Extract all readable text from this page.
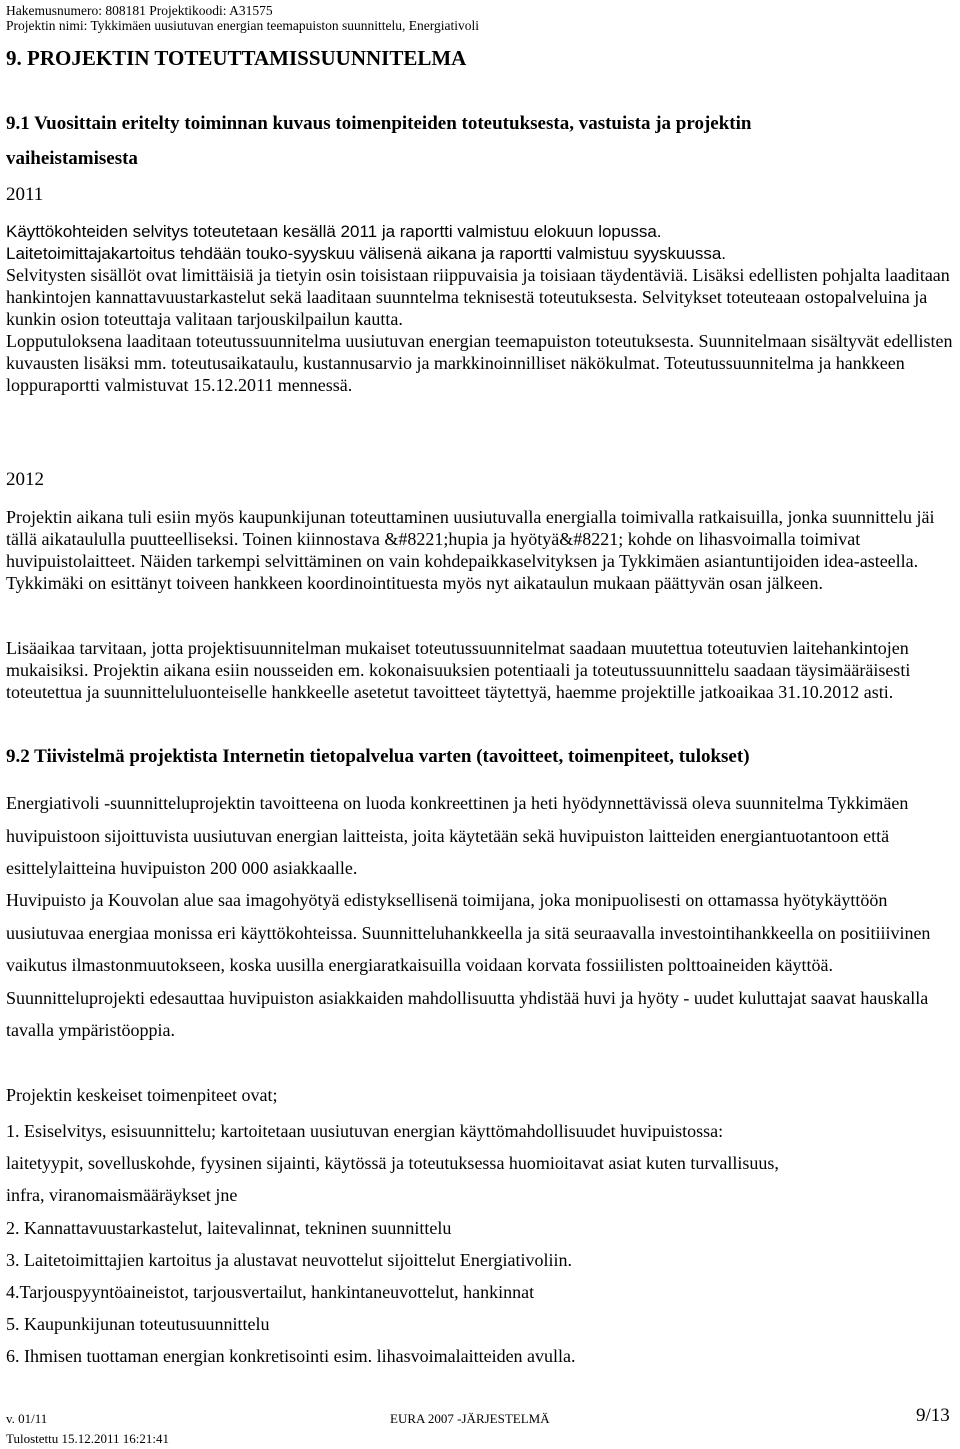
Hakemusnumero: 808181 Projektikoodi: A31575
Projektin nimi: Tykkimäen uusiutuvan energian teemapuiston suunnittelu, Energiativoli
9. PROJEKTIN TOTEUTTAMISSUUNNITELMA
9.1 Vuosittain eritelty toiminnan kuvaus toimenpiteiden toteutuksesta, vastuista ja projektin
vaiheistamisesta
2011
Käyttökohteiden selvitys toteutetaan kesällä 2011 ja raportti valmistuu elokuun lopussa.
Laitetoimittajakartoitus tehdään touko-syyskuu välisenä aikana ja raportti valmistuu syyskuussa.

Selvitysten sisällöt ovat limittäisiä ja tietyin osin toisistaan riippuvaisia ja toisiaan täydentäviä. Lisäksi edellisten pohjalta laaditaan hankintojen kannattavuustarkastelut sekä laaditaan suunntelma teknisestä toteutuksesta. Selvitykset toteuteaan ostopalveluina ja kunkin osion toteuttaja valitaan tarjouskilpailun kautta.

Lopputuloksena laaditaan toteutussuunnitelma uusiutuvan energian teemapuiston toteutuksesta. Suunnitelmaan sisältyvät edellisten kuvausten lisäksi mm. toteutusaikataulu, kustannusarvio ja markkinoinnilliset näkökulmat. Toteutussuunnitelma ja hankkeen loppuraportti valmistuvat 15.12.2011 mennessä.

2012
Projektin aikana tuli esiin myös kaupunkijunan toteuttaminen uusiutuvalla energialla toimivalla ratkaisuilla, jonka suunnittelu jäi tällä aikataululla puutteelliseksi. Toinen kiinnostava &#8221;hupia ja hyötyä&#8221; kohde on lihasvoimalla toimivat huvipuistolaitteet. Näiden tarkempi selvittäminen on vain kohdepaikkaselvityksen ja Tykkimäen asiantuntijoiden idea-asteella. Tykkimäki on esittänyt toiveen hankkeen koordinointituesta myös nyt aikataulun mukaan päättyvän osan jälkeen.
Lisäaikaa tarvitaan, jotta projektisuunnitelman mukaiset toteutussuunnitelmat saadaan muutettua toteutuvien laitehankintojen mukaisiksi. Projektin aikana esiin nousseiden em. kokonaisuuksien potentiaali ja toteutussuunnittelu saadaan täysimääräisesti toteutettua ja suunnitteluluonteiselle hankkeelle asetetut tavoitteet täytettyä, haemme projektille jatkoaikaa 31.10.2012 asti.
9.2 Tiivistelmä projektista Internetin tietopalvelua varten (tavoitteet, toimenpiteet, tulokset)
Energiativoli -suunnitteluprojektin tavoitteena on luoda konkreettinen ja heti hyödynnettävissä oleva suunnitelma Tykkimäen huvipuistoon sijoittuvista uusiutuvan energian laitteista, joita käytetään sekä huvipuiston laitteiden energiantuotantoon että esittelylaitteina huvipuiston 200 000 asiakkaalle.
Huvipuisto ja Kouvolan alue saa imagohyötyä edistyksellisenä toimijana, joka monipuolisesti on ottamassa hyötykäyttöön uusiutuvaa energiaa monissa eri käyttökohteissa. Suunnitteluhankkeella ja sitä seuraavalla investointihankkeella on positiiivinen vaikutus ilmastonmuutokseen, koska uusilla energiaratkaisuilla voidaan korvata fossiilisten polttoaineiden käyttöä. Suunnitteluprojekti edesauttaa huvipuiston asiakkaiden mahdollisuutta yhdistää huvi ja hyöty - uudet kuluttajat saavat hauskalla tavalla ympäristöoppia.
Projektin keskeiset toimenpiteet ovat;
1. Esiselvitys, esisuunnittelu; kartoitetaan uusiutuvan energian käyttömahdollisuudet huvipuistossa:
laitetyypit, sovelluskohde, fyysinen sijainti, käytössä ja toteutuksessa huomioitavat asiat kuten turvallisuus,
infra, viranomaismääräykset jne
2. Kannattavuustarkastelut, laitevalinnat, tekninen suunnittelu
3. Laitetoimittajien kartoitus ja alustavat neuvottelut sijoittelut Energiativoliin.
4.Tarjouspyyntöaineistot, tarjousvertailut, hankintaneuvottelut, hankinnat
5. Kaupunkijunan toteutusuunnittelu
6. Ihmisen tuottaman energian konkretisointi esim. lihasvoimalaitteiden avulla.
v. 01/11	EURA 2007 -JÄRJESTELMÄ	9/13
Tulostettu 15.12.2011 16:21:41
